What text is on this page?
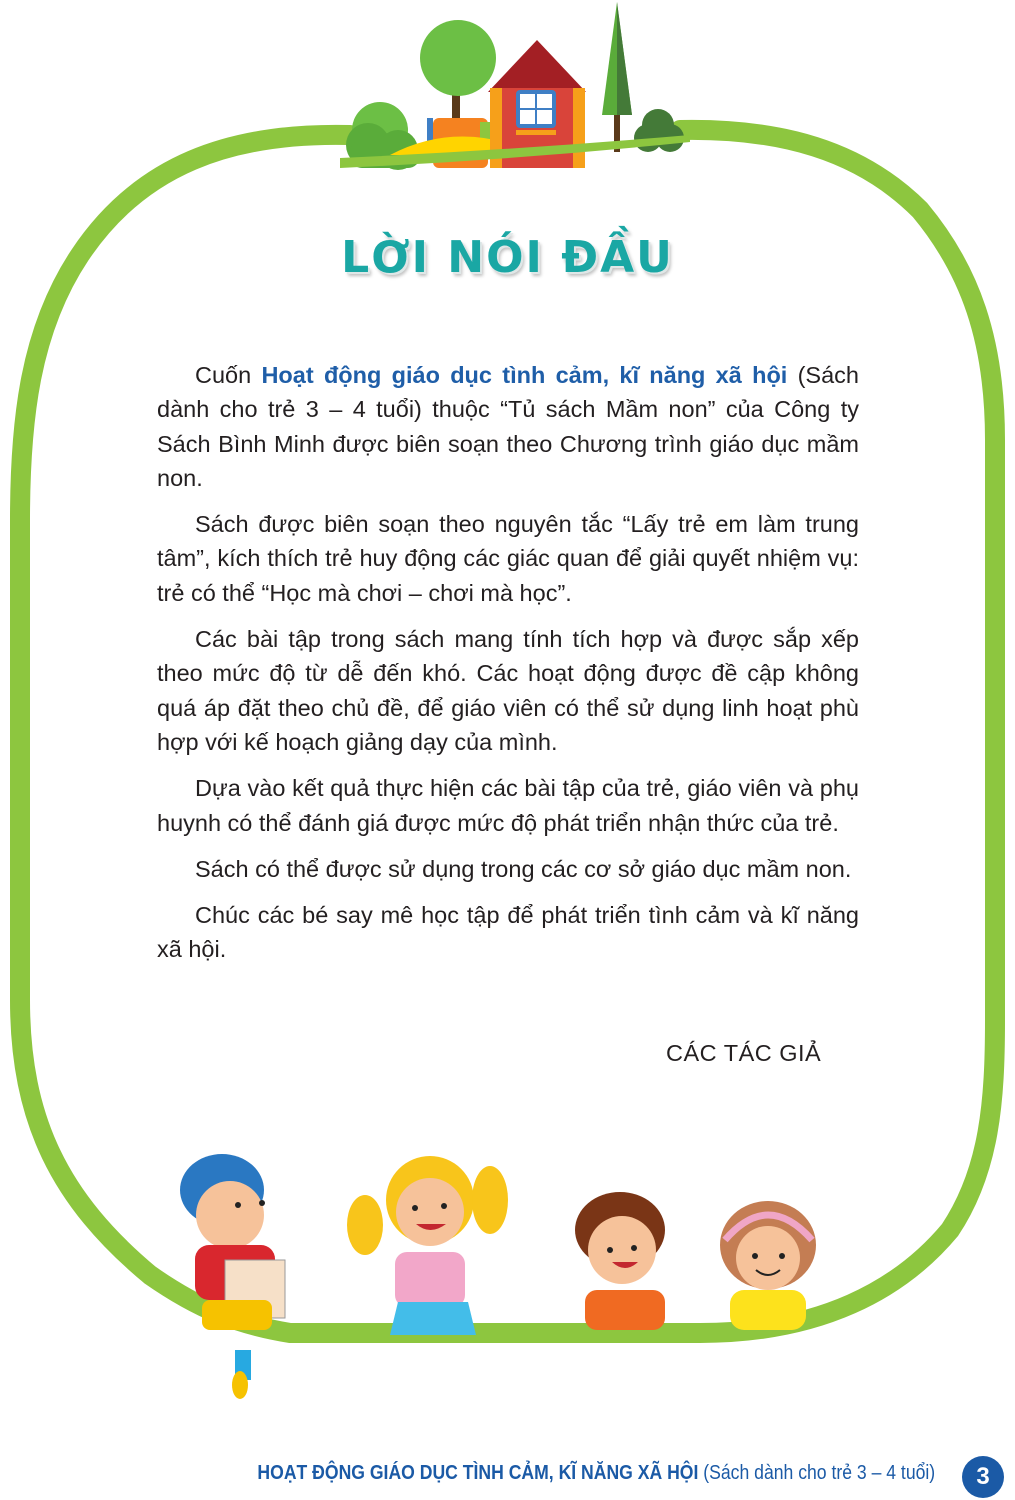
LỜI NÓI ĐẦU

Cuốn Hoạt động giáo dục tình cảm, kĩ năng xã hội (Sách dành cho trẻ 3 – 4 tuổi) thuộc “Tủ sách Mầm non” của Công ty Sách Bình Minh được biên soạn theo Chương trình giáo dục mầm non.

Sách được biên soạn theo nguyên tắc “Lấy trẻ em làm trung tâm”, kích thích trẻ huy động các giác quan để giải quyết nhiệm vụ: trẻ có thể “Học mà chơi – chơi mà học”.

Các bài tập trong sách mang tính tích hợp và được sắp xếp theo mức độ từ dễ đến khó. Các hoạt động được đề cập không quá áp đặt theo chủ đề, để giáo viên có thể sử dụng linh hoạt phù hợp với kế hoạch giảng dạy của mình.

Dựa vào kết quả thực hiện các bài tập của trẻ, giáo viên và phụ huynh có thể đánh giá được mức độ phát triển nhận thức của trẻ.

Sách có thể được sử dụng trong các cơ sở giáo dục mầm non.

Chúc các bé say mê học tập để phát triển tình cảm và kĩ năng xã hội.

CÁC TÁC GIẢ
HOẠT ĐỘNG GIÁO DỤC TÌNH CẢM, KĨ NĂNG XÃ HỘI (Sách dành cho trẻ 3 – 4 tuổi)	3
